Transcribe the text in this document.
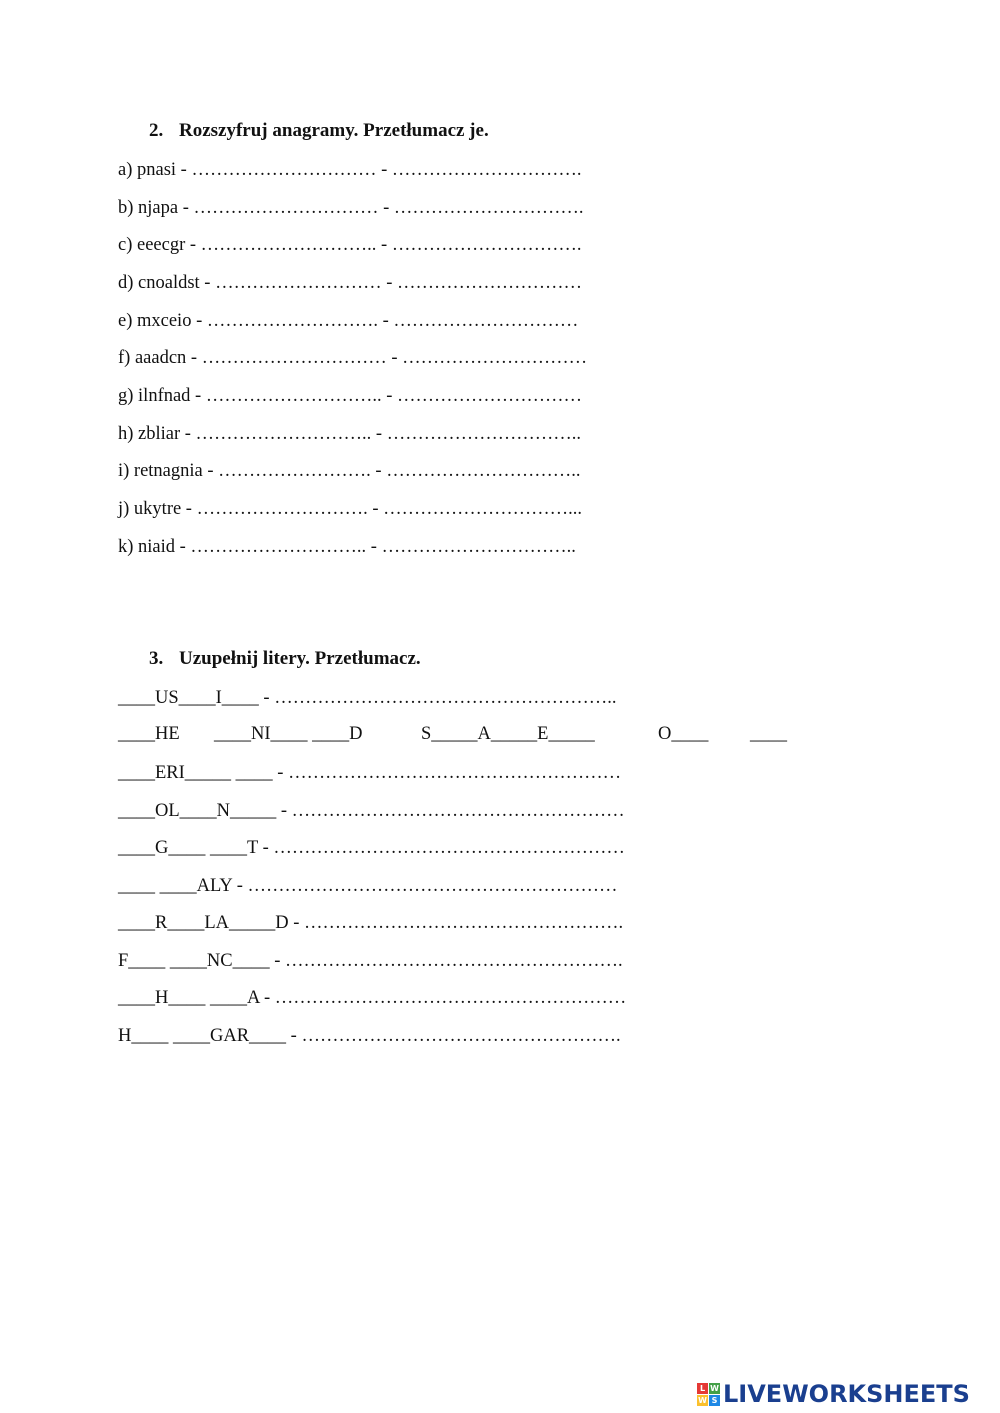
2. Rozszyfruj anagramy. Przetłumacz je.
a) pnasi - ………………………… - ………………………….
b) njapa - ………………………… - ………………………….
c) eeecgr - ……………………….. - ………………………….
d) cnoaldst - ……………………… - …………………………
e) mxceio - ………………………. - …………………………
f) aaadcn - ………………………… - …………………………
g) ilnfnad - ……………………….. - …………………………
h) zbliar - ……………………….. - …………………………..
i) retnagnia - ……………………. - …………………………..
j) ukytre - ………………………. - …………………………...
k) niaid - ……………………….. - …………………………..
3. Uzupełnij litery. Przetłumacz.
____US____I____ - ………………………………………………..

____HE

____NI____ ____D

	S_____A_____E_____

	O____

____

____ERI_____ ____ - ………………………………………………
____OL____N_____ - ………………………………………………
____G____ ____T - …………………………………………………
____ ____ALY - ……………………………………………………
____R____LA_____D - …………………………………………….
F____ ____NC____ - ……………………………………………….
____H____ ____A - …………………………………………………
H____ ____GAR____ - …………………………………………….
L W
W S LIVEWORKSHEETS
